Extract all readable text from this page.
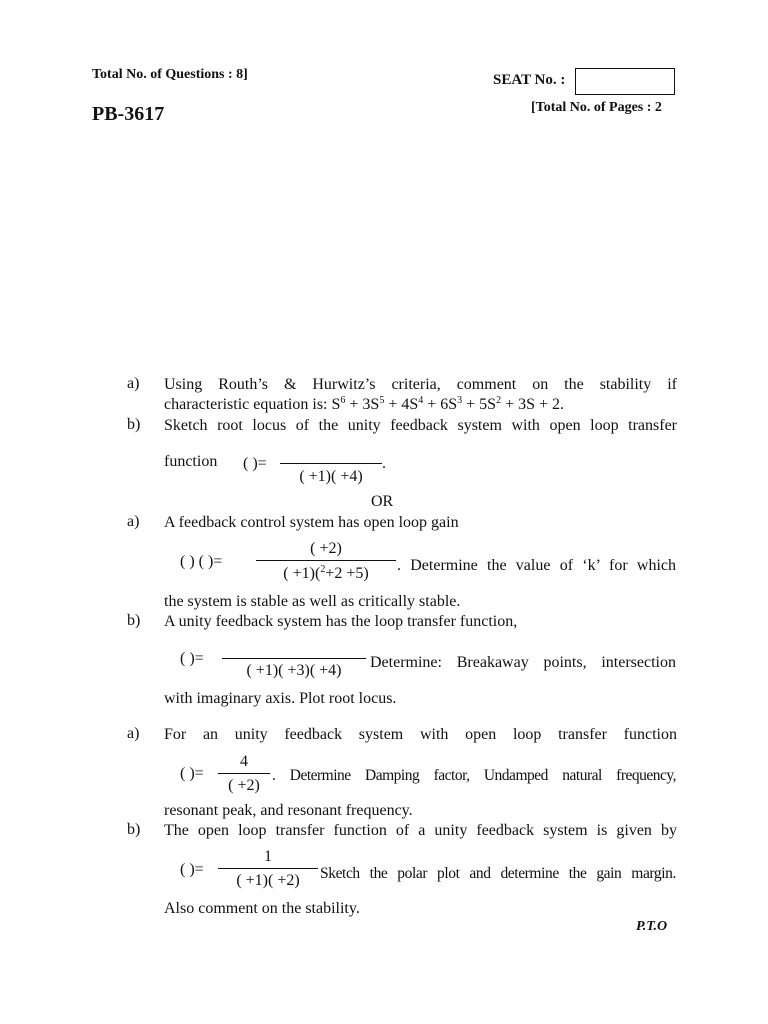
Total No. of Questions : 8]	SEAT No. :
[Total No. of Pages : 2
PB-3617
a) Using Routh’s & Hurwitz’s criteria, comment on the stability if
characteristic equation is: $S^6 + 3S^5 + 4S^4 + 6S^3 + 5S^2 + 3S + 2$.
b) Sketch root locus of the unity feedback system with open loop transfer
function ( )=
( +1)( +4)
.
OR
a) A feedback control system has open loop gain
( ) ( )=
( +2)
( +1)($^2$+2 +5)	. Determine the value of ‘k’ for which
the system is stable as well as critically stable.
b) A unity feedback system has the loop transfer function,
( )=
( +1)( +3)( +4)	Determine: Breakaway points, intersection
with imaginary axis. Plot root locus.
a) For an unity feedback system with open loop transfer function
( )=
4
( +2)
. Determine Damping factor, Undamped natural frequency,
resonant peak, and resonant frequency.
b) The open loop transfer function of a unity feedback system is given by
( )=
1
( +1)( +2)	Sketch the polar plot and determine the gain margin.
Also comment on the stability.
P.T.O
